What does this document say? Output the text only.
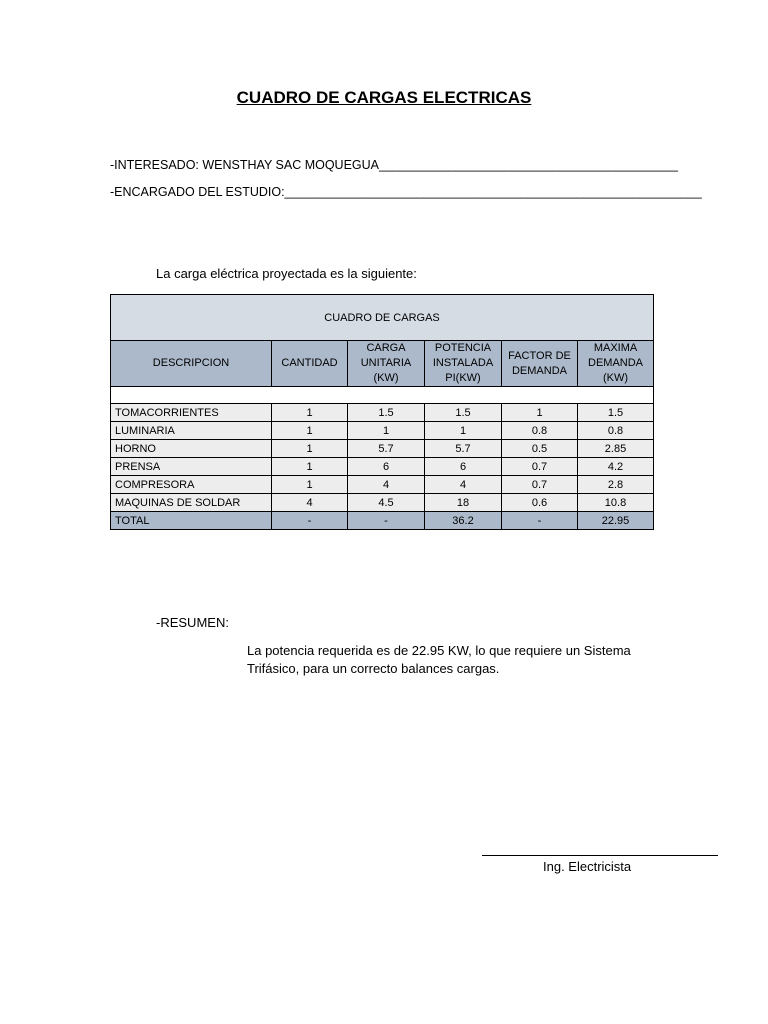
CUADRO DE CARGAS ELECTRICAS
-INTERESADO: WENSTHAY SAC MOQUEGUA___________________________________________
-ENCARGADO DEL ESTUDIO:____________________________________________________________
La carga eléctrica proyectada es la siguiente:
CUADRO DE CARGAS					
DESCRIPCION	CANTIDAD	CARGA UNITARIA (KW)	POTENCIA INSTALADA PI(KW)	FACTOR DE DEMANDA	MAXIMA DEMANDA (KW)

TOMACORRIENTES	1	1.5	1.5	1	1.5
LUMINARIA	1	1	1	0.8	0.8
HORNO	1	5.7	5.7	0.5	2.85
PRENSA	1	6	6	0.7	4.2
COMPRESORA	1	4	4	0.7	2.8
MAQUINAS DE SOLDAR	4	4.5	18	0.6	10.8
TOTAL	-	-	36.2	-	22.95
-RESUMEN:
La potencia requerida es de 22.95 KW, lo que requiere un Sistema Trifásico, para un correcto balances cargas.
Ing. Electricista
